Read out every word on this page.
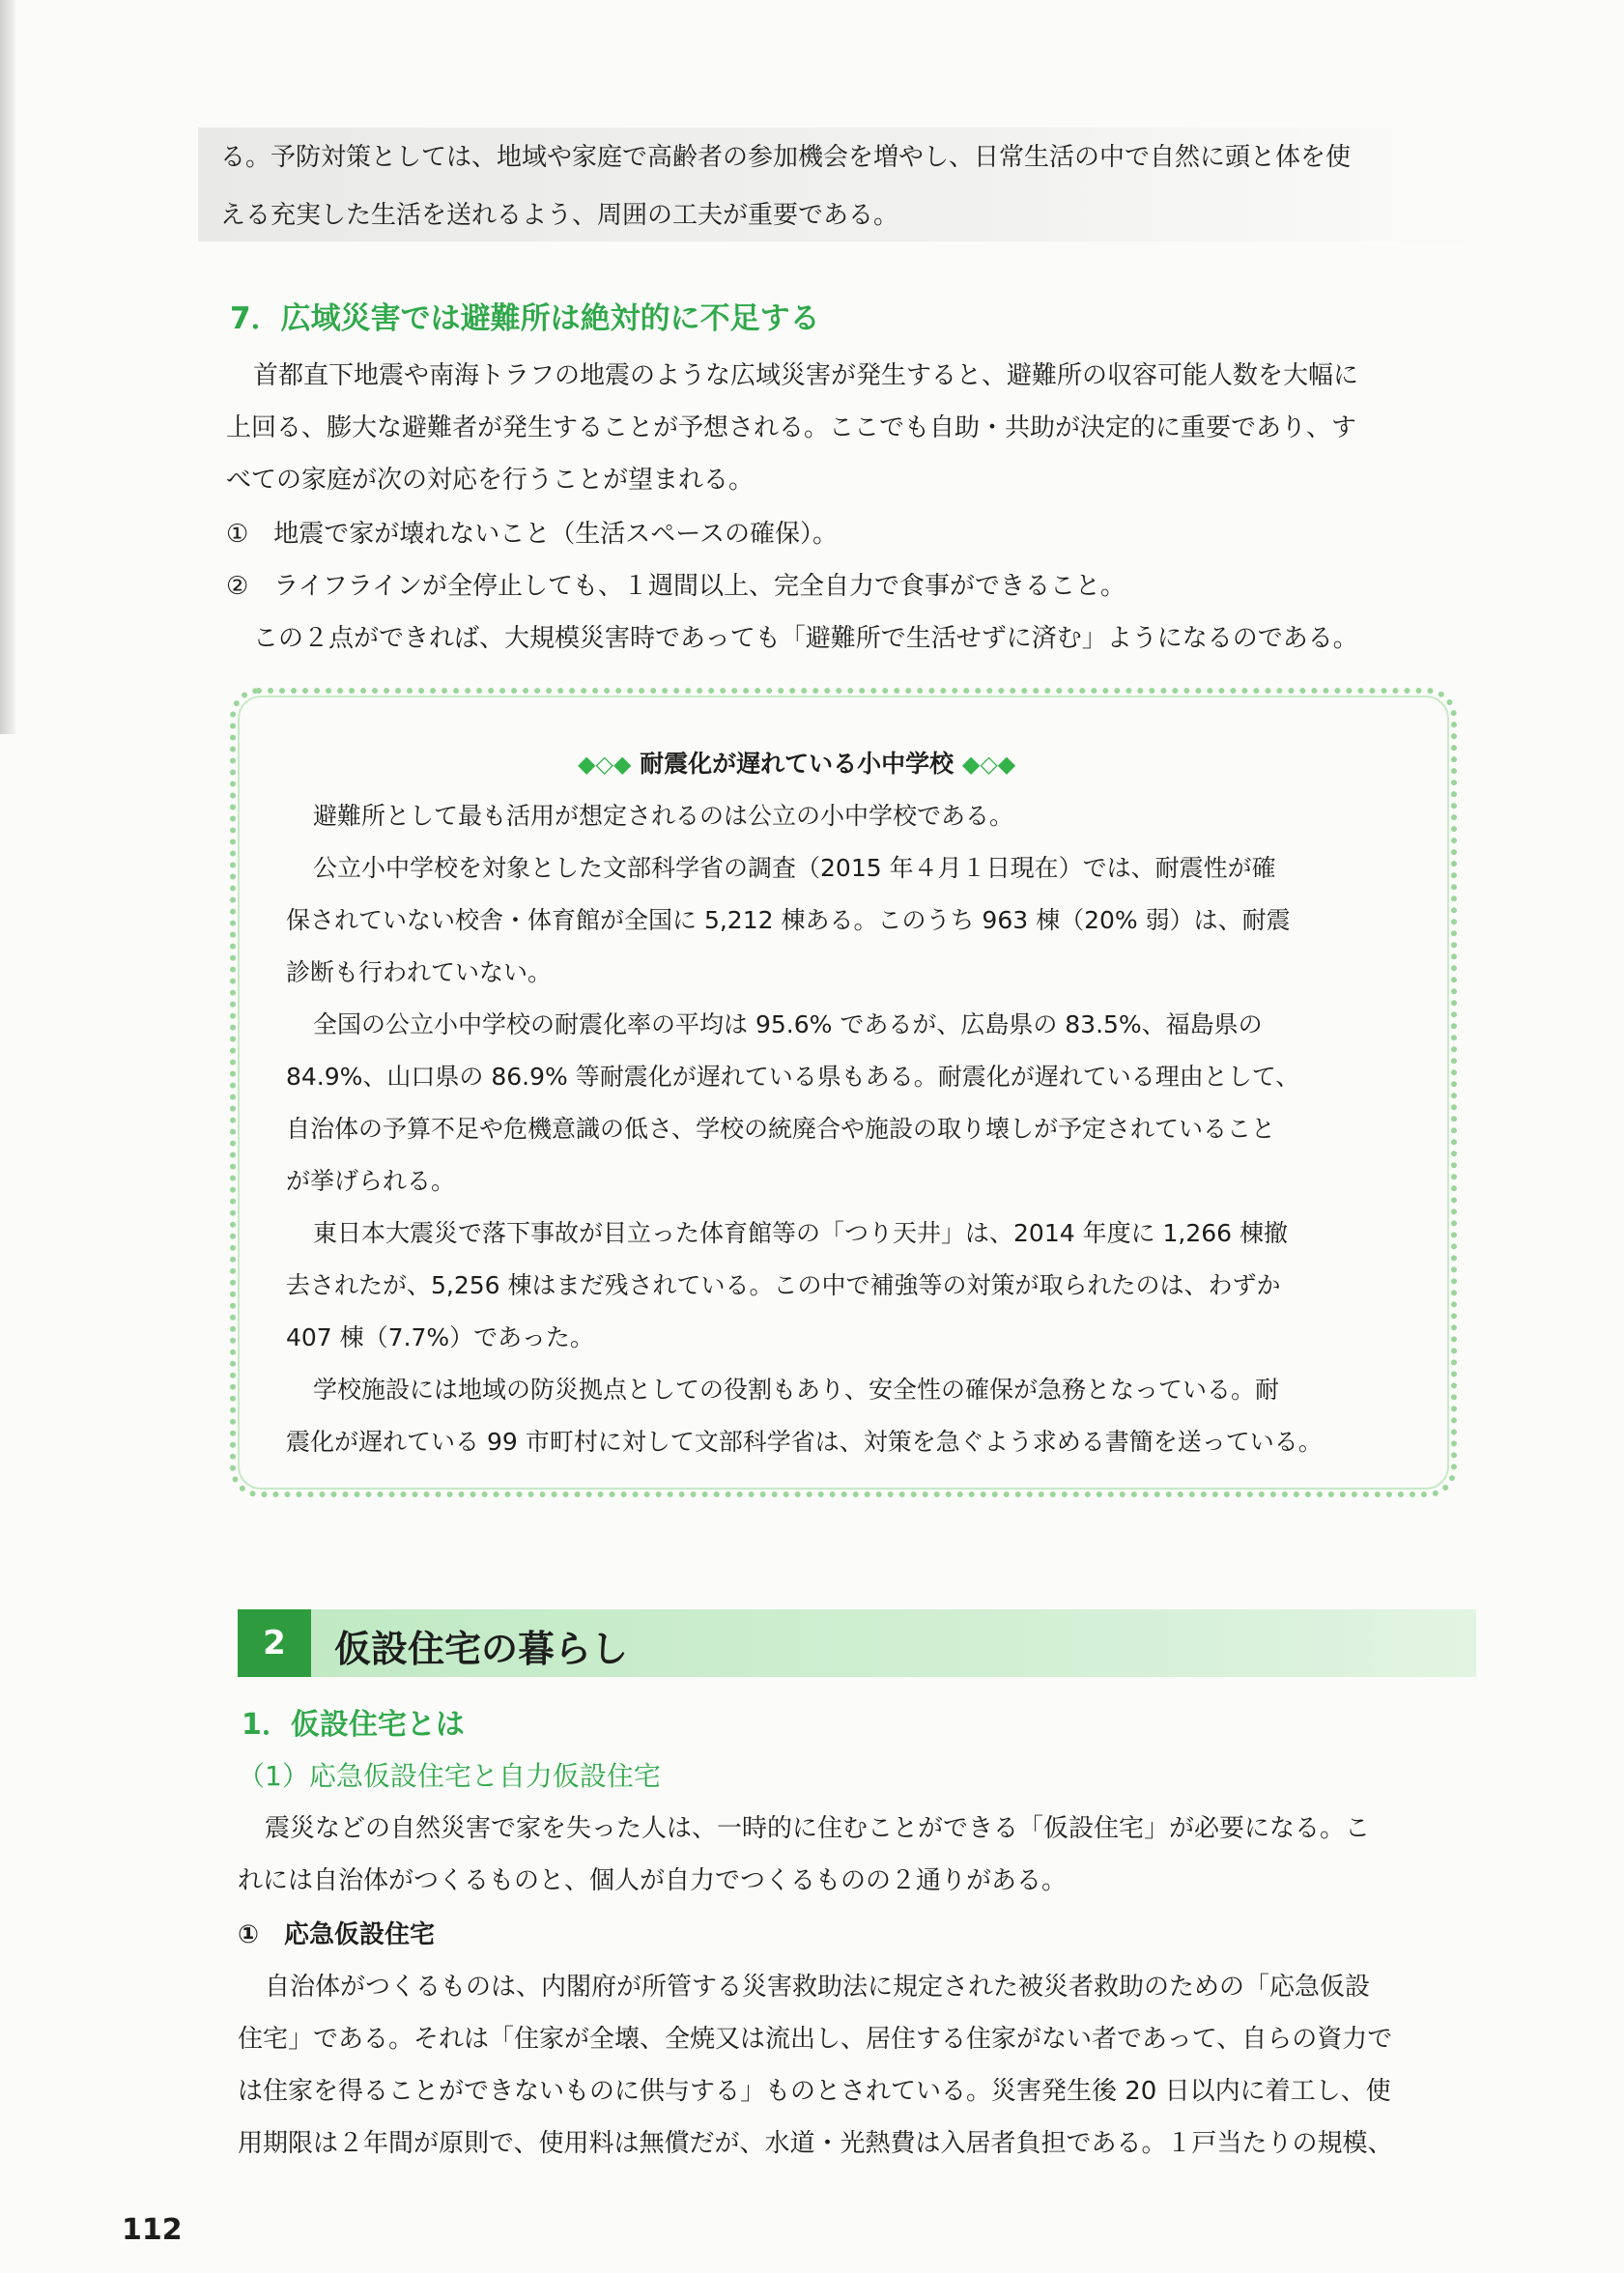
る。予防対策としては、地域や家庭で高齢者の参加機会を増やし、日常生活の中で自然に頭と体を使
える充実した生活を送れるよう、周囲の工夫が重要である。
7．広域災害では避難所は絶対的に不足する
首都直下地震や南海トラフの地震のような広域災害が発生すると、避難所の収容可能人数を大幅に
上回る、膨大な避難者が発生することが予想される。ここでも自助・共助が決定的に重要であり、す
べての家庭が次の対応を行うことが望まれる。
①　地震で家が壊れないこと（生活スペースの確保）。
②　ライフラインが全停止しても、１週間以上、完全自力で食事ができること。
この２点ができれば、大規模災害時であっても「避難所で生活せずに済む」ようになるのである。
◆◇◆ 耐震化が遅れている小中学校 ◆◇◆
避難所として最も活用が想定されるのは公立の小中学校である。
公立小中学校を対象とした文部科学省の調査（2015 年４月１日現在）では、耐震性が確
保されていない校舎・体育館が全国に 5,212 棟ある。このうち 963 棟（20% 弱）は、耐震
診断も行われていない。
全国の公立小中学校の耐震化率の平均は 95.6% であるが、広島県の 83.5%、福島県の
84.9%、山口県の 86.9% 等耐震化が遅れている県もある。耐震化が遅れている理由として、
自治体の予算不足や危機意識の低さ、学校の統廃合や施設の取り壊しが予定されていること
が挙げられる。
東日本大震災で落下事故が目立った体育館等の「つり天井」は、2014 年度に 1,266 棟撤
去されたが、5,256 棟はまだ残されている。この中で補強等の対策が取られたのは、わずか
407 棟（7.7%）であった。
学校施設には地域の防災拠点としての役割もあり、安全性の確保が急務となっている。耐
震化が遅れている 99 市町村に対して文部科学省は、対策を急ぐよう求める書簡を送っている。
2	仮設住宅の暮らし
1．仮設住宅とは
（1）応急仮設住宅と自力仮設住宅
震災などの自然災害で家を失った人は、一時的に住むことができる「仮設住宅」が必要になる。こ
れには自治体がつくるものと、個人が自力でつくるものの２通りがある。
①　応急仮設住宅
自治体がつくるものは、内閣府が所管する災害救助法に規定された被災者救助のための「応急仮設
住宅」である。それは「住家が全壊、全焼又は流出し、居住する住家がない者であって、自らの資力で
は住家を得ることができないものに供与する」ものとされている。災害発生後 20 日以内に着工し、使
用期限は２年間が原則で、使用料は無償だが、水道・光熱費は入居者負担である。１戸当たりの規模、
112
